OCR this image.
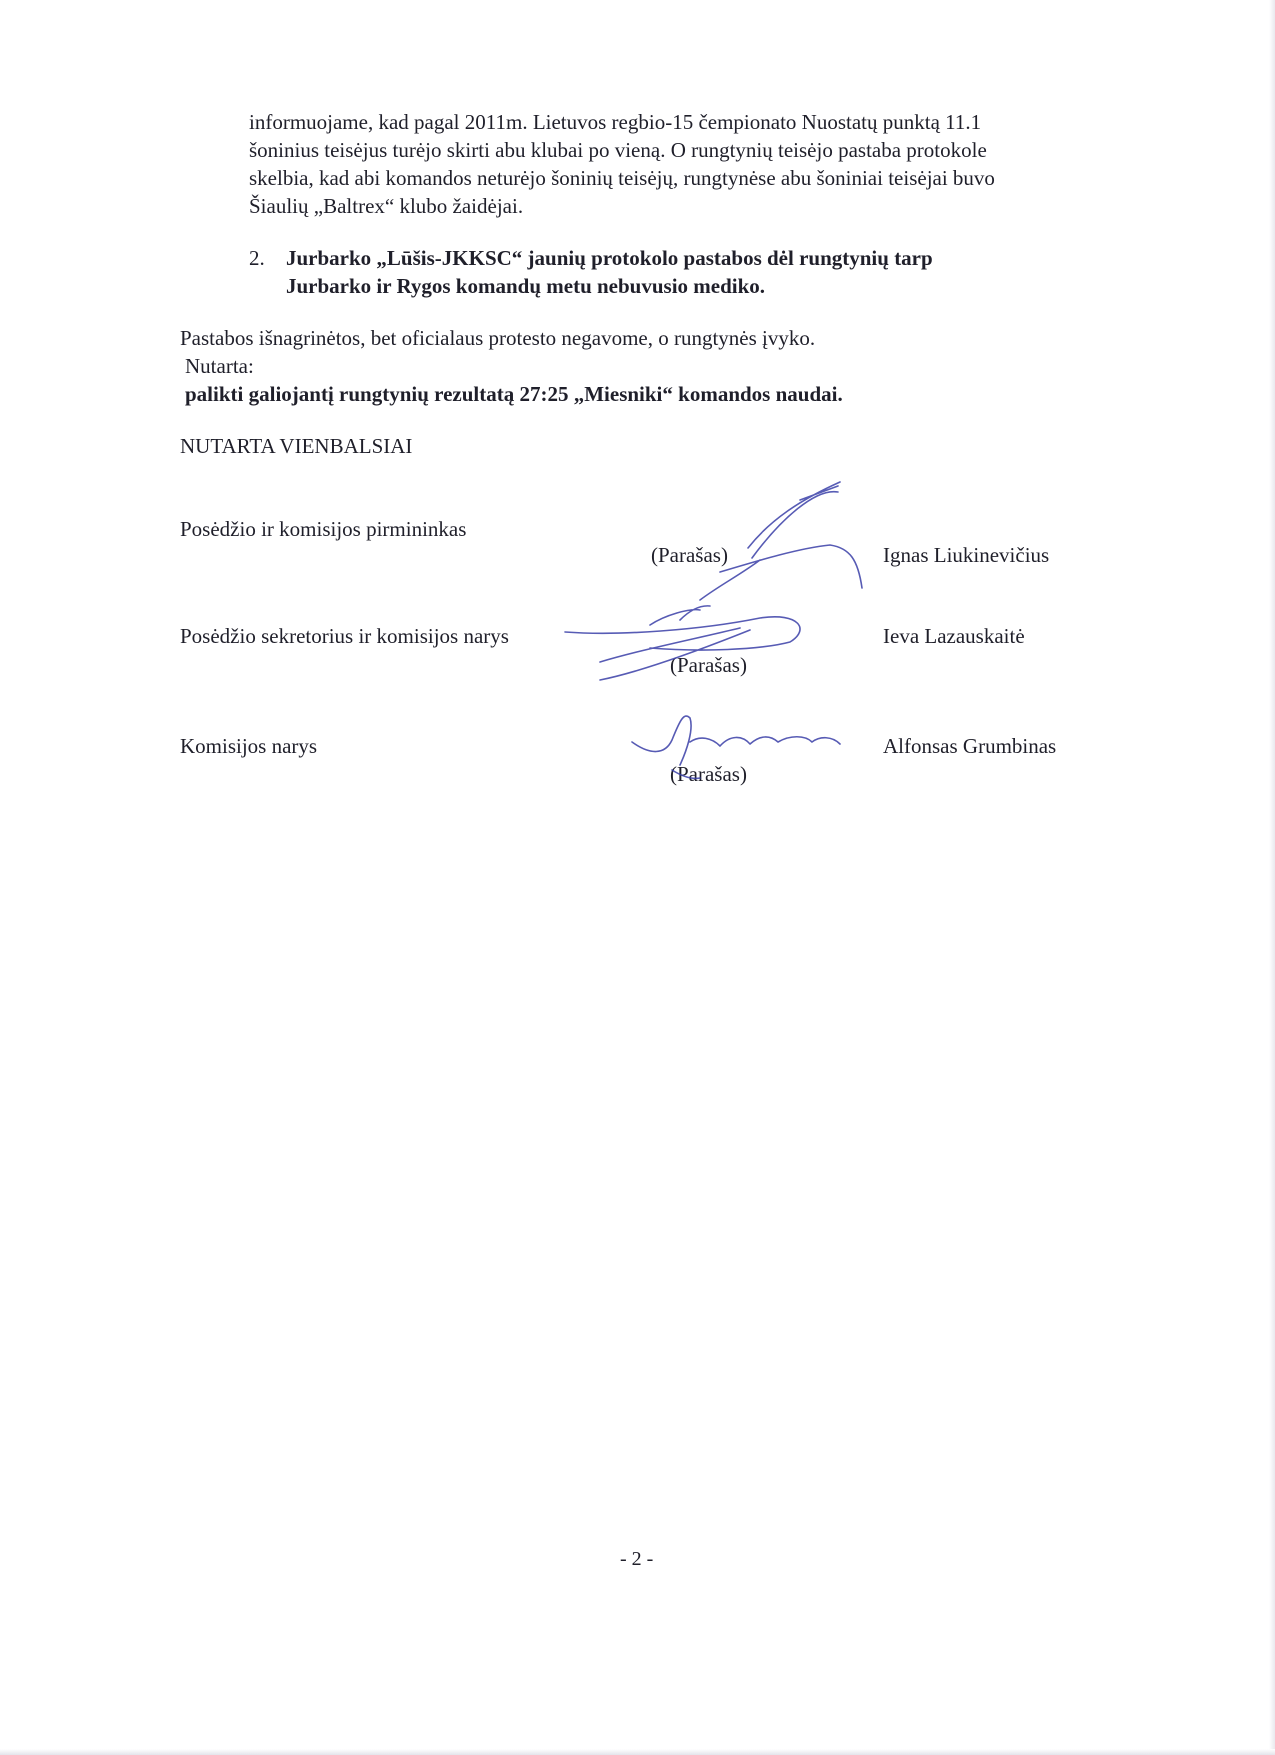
informuojame, kad pagal 2011m. Lietuvos regbio-15 čempionato Nuostatų punktą 11.1
šoninius teisėjus turėjo skirti abu klubai po vieną. O rungtynių teisėjo pastaba protokole
skelbia, kad abi komandos neturėjo šoninių teisėjų, rungtynėse abu šoniniai teisėjai buvo
Šiaulių „Baltrex“ klubo žaidėjai.
2. Jurbarko „Lūšis-JKKSC“ jaunių protokolo pastabos dėl rungtynių tarp
Jurbarko ir Rygos komandų metu nebuvusio mediko.
Pastabos išnagrinėtos, bet oficialaus protesto negavome, o rungtynės įvyko.
Nutarta:
palikti galiojantį rungtynių rezultatą 27:25 „Miesniki“ komandos naudai.
NUTARTA VIENBALSIAI
Posėdžio ir komisijos pirmininkas
(Parašas)	Ignas Liukinevičius
Posėdžio sekretorius ir komisijos narys
(Parašas)
Ieva Lazauskaitė
Komisijos narys
(Parašas)
Alfonsas Grumbinas
- 2 -
